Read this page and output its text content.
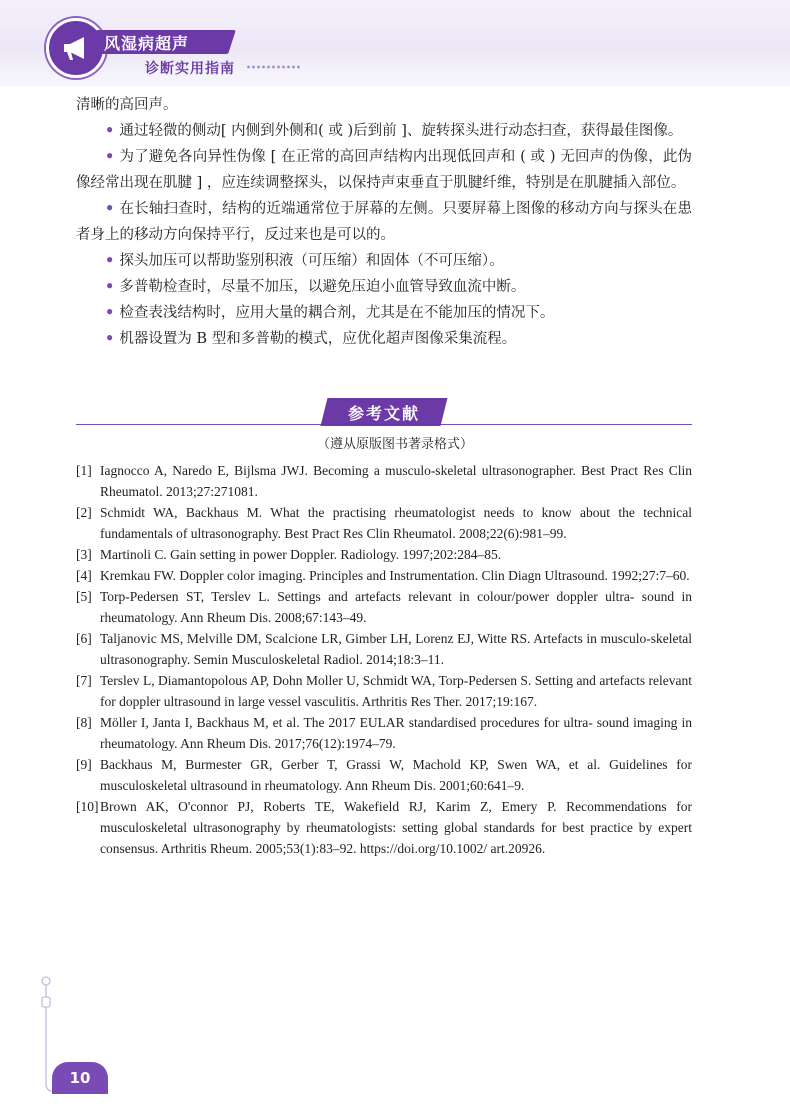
风湿病超声
诊断实用指南

清晰的高回声。

• 通过轻微的侧动[ 内侧到外侧和( 或 )后到前 ]、旋转探头进行动态扫查，获得最佳图像。

• 为了避免各向异性伪像 [ 在正常的高回声结构内出现低回声和 ( 或 ) 无回声的伪像，此伪像经常出现在肌腱 ] ，应连续调整探头，以保持声束垂直于肌腱纤维，特别是在肌腱插入部位。

• 在长轴扫查时，结构的近端通常位于屏幕的左侧。只要屏幕上图像的移动方向与探头在患者身上的移动方向保持平行，反过来也是可以的。

• 探头加压可以帮助鉴别积液（可压缩）和固体（不可压缩）。

• 多普勒检查时，尽量不加压，以避免压迫小血管导致血流中断。

• 检查表浅结构时，应用大量的耦合剂，尤其是在不能加压的情况下。

• 机器设置为 B 型和多普勒的模式，应优化超声图像采集流程。

参考文献
（遵从原版图书著录格式）
[1] Iagnocco A, Naredo E, Bijlsma JWJ. Becoming a musculo-skeletal ultrasonographer. Best Pract Res Clin Rheumatol. 2013;27:271081.
[2] Schmidt WA, Backhaus M. What the practising rheumatologist needs to know about the technical fundamentals of ultrasonography. Best Pract Res Clin Rheumatol. 2008;22(6):981–99.
[3] Martinoli C. Gain setting in power Doppler. Radiology. 1997;202:284–85.
[4] Kremkau FW. Doppler color imaging. Principles and Instrumentation. Clin Diagn Ultrasound. 1992;27:7–60.
[5] Torp-Pedersen ST, Terslev L. Settings and artefacts relevant in colour/power doppler ultra- sound in rheumatology. Ann Rheum Dis. 2008;67:143–49.
[6] Taljanovic MS, Melville DM, Scalcione LR, Gimber LH, Lorenz EJ, Witte RS. Artefacts in musculo-skeletal ultrasonography. Semin Musculoskeletal Radiol. 2014;18:3–11.
[7] Terslev L, Diamantopolous AP, Dohn Moller U, Schmidt WA, Torp-Pedersen S. Setting and artefacts relevant for doppler ultrasound in large vessel vasculitis. Arthritis Res Ther. 2017;19:167.
[8] Möller I, Janta I, Backhaus M, et al. The 2017 EULAR standardised procedures for ultra- sound imaging in rheumatology. Ann Rheum Dis. 2017;76(12):1974–79.
[9] Backhaus M, Burmester GR, Gerber T, Grassi W, Machold KP, Swen WA, et al. Guidelines for musculoskeletal ultrasound in rheumatology. Ann Rheum Dis. 2001;60:641–9.
[10] Brown AK, O'connor PJ, Roberts TE, Wakefield RJ, Karim Z, Emery P. Recommendations for musculoskeletal ultrasonography by rheumatologists: setting global standards for best practice by expert consensus. Arthritis Rheum. 2005;53(1):83–92. https://doi.org/10.1002/ art.20926.
10
